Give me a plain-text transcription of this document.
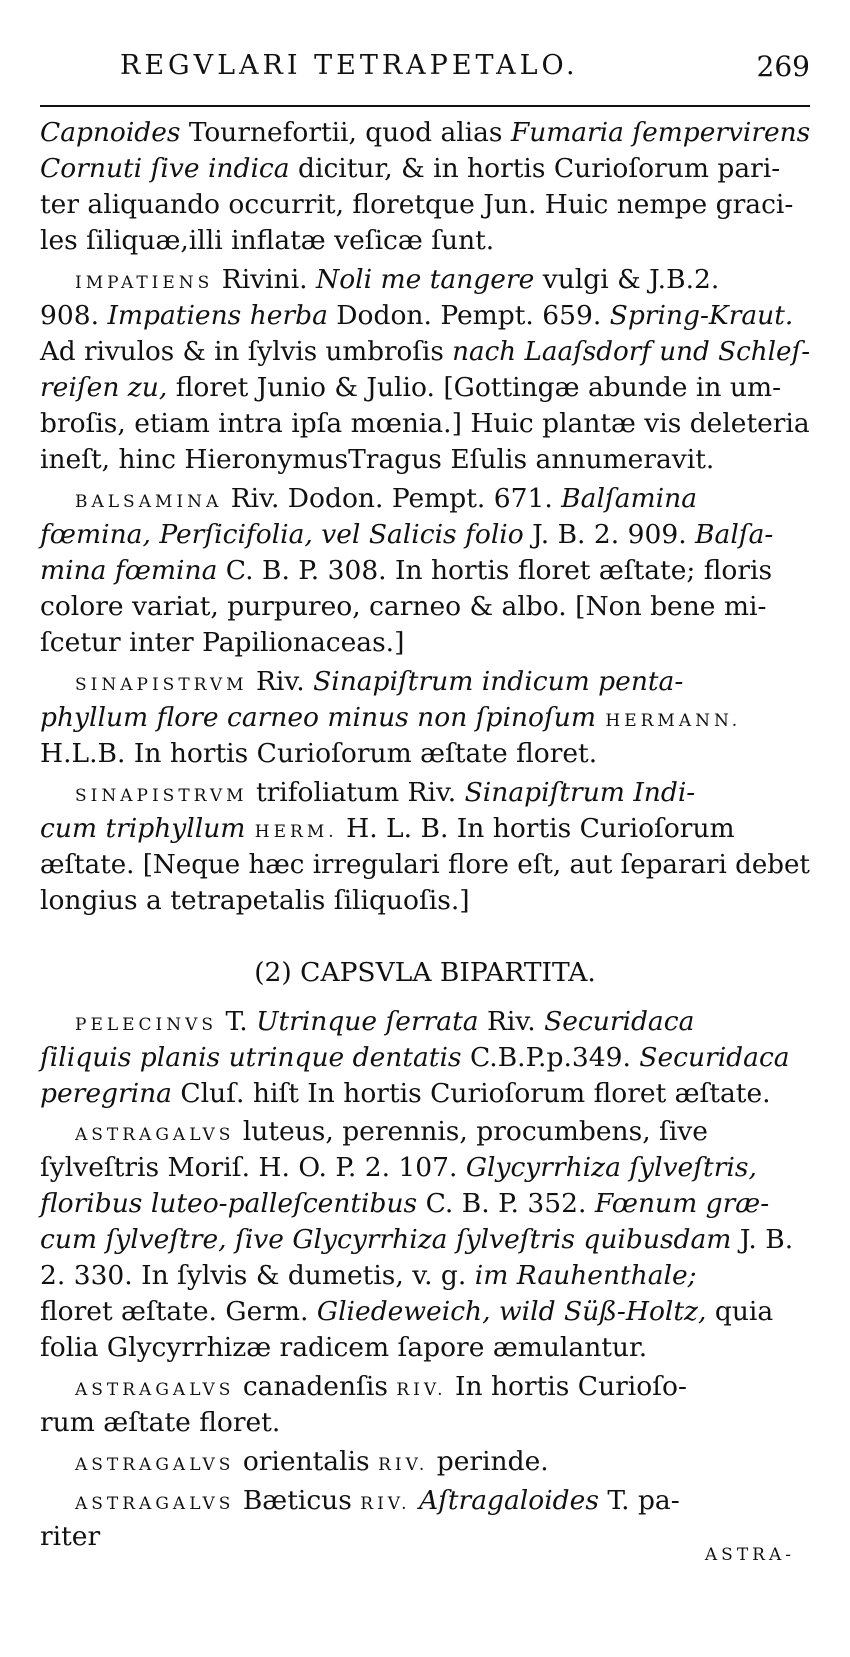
REGVLARI TETRAPETALO.	269
Capnoides Tournefortii, quod alias Fumaria ſempervirens
Cornuti ſive indica dicitur, & in hortis Curioſorum pari-
ter aliquando occurrit, floretque Jun. Huic nempe graci-
les ſiliquæ,illi inflatæ veſicæ ſunt.
IMPATIENS Rivini. Noli me tangere vulgi & J.B.2.
908. Impatiens herba Dodon. Pempt. 659. Spring-Kraut.
Ad rivulos & in ſylvis umbroſis nach Laaſsdorf und Schleſ-
reiſen zu, floret Junio & Julio. [Gottingæ abunde in um-
broſis, etiam intra ipſa mœnia.] Huic plantæ vis deleteria
ineſt, hinc HieronymusTragus Eſulis annumeravit.
BALSAMINA Riv. Dodon. Pempt. 671. Balſamina
fœmina, Perſicifolia, vel Salicis folio J. B. 2. 909. Balſa-
mina fœmina C. B. P. 308. In hortis floret æſtate; floris
colore variat, purpureo, carneo & albo. [Non bene mi-
ſcetur inter Papilionaceas.]
SINAPISTRVM Riv. Sinapiſtrum indicum penta-
phyllum flore carneo minus non ſpinoſum HERMANN.
H.L.B. In hortis Curioſorum æſtate floret.
SINAPISTRVM trifoliatum Riv. Sinapiſtrum Indi-
cum triphyllum HERM. H. L. B. In hortis Curioſorum
æſtate. [Neque hæc irregulari flore eſt, aut ſeparari debet
longius a tetrapetalis ſiliquoſis.]
(2) CAPSVLA BIPARTITA.
PELECINVS T. Utrinque ſerrata Riv. Securidaca
ſiliquis planis utrinque dentatis C.B.P.p.349. Securidaca
peregrina Cluſ. hiſt In hortis Curioſorum floret æſtate.
ASTRAGALVS luteus, perennis, procumbens, ſive
ſylveſtris Moriſ. H. O. P. 2. 107. Glycyrrhiza ſylveſtris,
floribus luteo-palleſcentibus C. B. P. 352. Fœnum græ-
cum ſylveſtre, ſive Glycyrrhiza ſylveſtris quibusdam J. B.
2. 330. In ſylvis & dumetis, v. g. im Rauhenthale;
floret æſtate. Germ. Gliedeweich, wild Süß-Holtz, quia
folia Glycyrrhizæ radicem ſapore æmulantur.
ASTRAGALVS canadenſis RIV. In hortis Curioſo-
rum æſtate floret.
ASTRAGALVS orientalis RIV. perinde.
ASTRAGALVS Bæticus RIV. Aſtragaloides T. pa-
riter
ASTRA-
